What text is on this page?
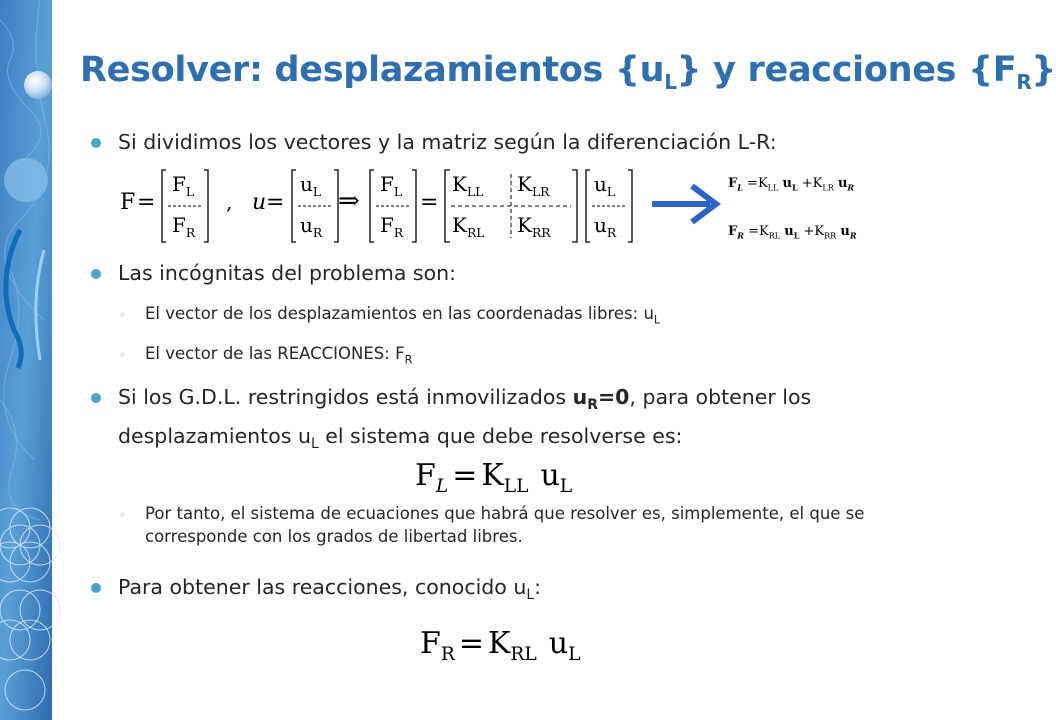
Resolver: desplazamientos $\{u_L\}$ y reacciones $\{F_R\}$
Si dividimos los vectores y la matriz según la diferenciación L-R:
F =
$F_L$
$F_R$
, u =
$u_L$
$u_R$
⇒
$F_L$
$F_R$
=
$K_{LL}$ $K_{LR}$
$K_{RL}$ $K_{RR}$
$u_L$
$u_R$
$F_L =K_{LL}$ $u_L +K_{LR}$ $u_R$
$F_R =K_{RL}$ $u_L +K_{RR}$ $u_R$
Las incógnitas del problema son:
◦ El vector de los desplazamientos en las coordenadas libres: $u_L$
◦ El vector de las REACCIONES: $F_R$
Si los G.D.L. restringidos está inmovilizados $u_R=0$, para obtener los desplazamientos $u_L$ el sistema que debe resolverse es:
$F_L = K_{LL}$ $u_L$
◦ Por tanto, el sistema de ecuaciones que habrá que resolver es, simplemente, el que se corresponde con los grados de libertad libres.
Para obtener las reacciones, conocido $u_L$:
$F_R = K_{RL}$ $u_L$
